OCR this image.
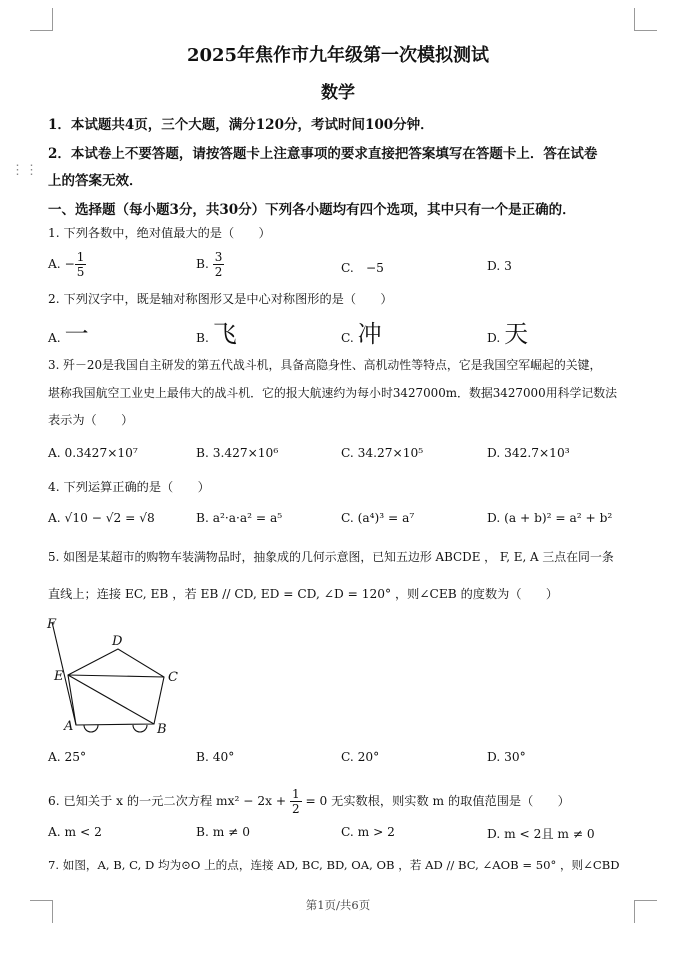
⋮⋮
2025年焦作市九年级第一次模拟测试
数学
1．本试题共4页，三个大题，满分120分，考试时间100分钟．
2．本试卷上不要答题，请按答题卡上注意事项的要求直接把答案填写在答题卡上．答在试卷
上的答案无效．
一、选择题（每小题3分，共30分）下列各小题均有四个选项，其中只有一个是正确的．
1. 下列各数中，绝对值最大的是（　　）
A. − $\frac{1}{5}$	B. $\frac{3}{2}$	C.　−5	D. 3
2. 下列汉字中，既是轴对称图形又是中心对称图形的是（　　）
A. 一	B. 飞	C. 冲	D. 天
3. 歼－20是我国自主研发的第五代战斗机，具备高隐身性、高机动性等特点，它是我国空军崛起的关键，
堪称我国航空工业史上最伟大的战斗机．它的报大航速约为每小时3427000m．数据3427000用科学记数法
表示为（　　）
A. 0.3427×10⁷	B. 3.427×10⁶	C. 34.27×10⁵	D. 342.7×10³
4. 下列运算正确的是（　　）
A. √10 − √2 = √8	B. a²·a·a² = a⁵	C. (a⁴)³ = a⁷	D. (a + b)² = a² + b²
5. 如图是某超市的购物车装满物品时，抽象成的几何示意图，已知五边形 ABCDE ， F, E, A 三点在同一条
直线上；连接 EC, EB ，若 EB // CD, ED = CD, ∠D = 120° ，则∠CEB 的度数为（　　）
F
D
E	C
A	B
A. 25°	B. 40°	C. 20°	D. 30°
6. 已知关于 x 的一元二次方程 $mx^2 - 2x + \frac{1}{2} = 0$ 无实数根，则实数 m 的取值范围是（　　）
A. m < 2	B. m ≠ 0	C. m > 2	D. m < 2且 m ≠ 0
7. 如图，A, B, C, D 均为⊙O 上的点，连接 AD, BC, BD, OA, OB ，若 AD // BC, ∠AOB = 50° ，则∠CBD
第1页/共6页
